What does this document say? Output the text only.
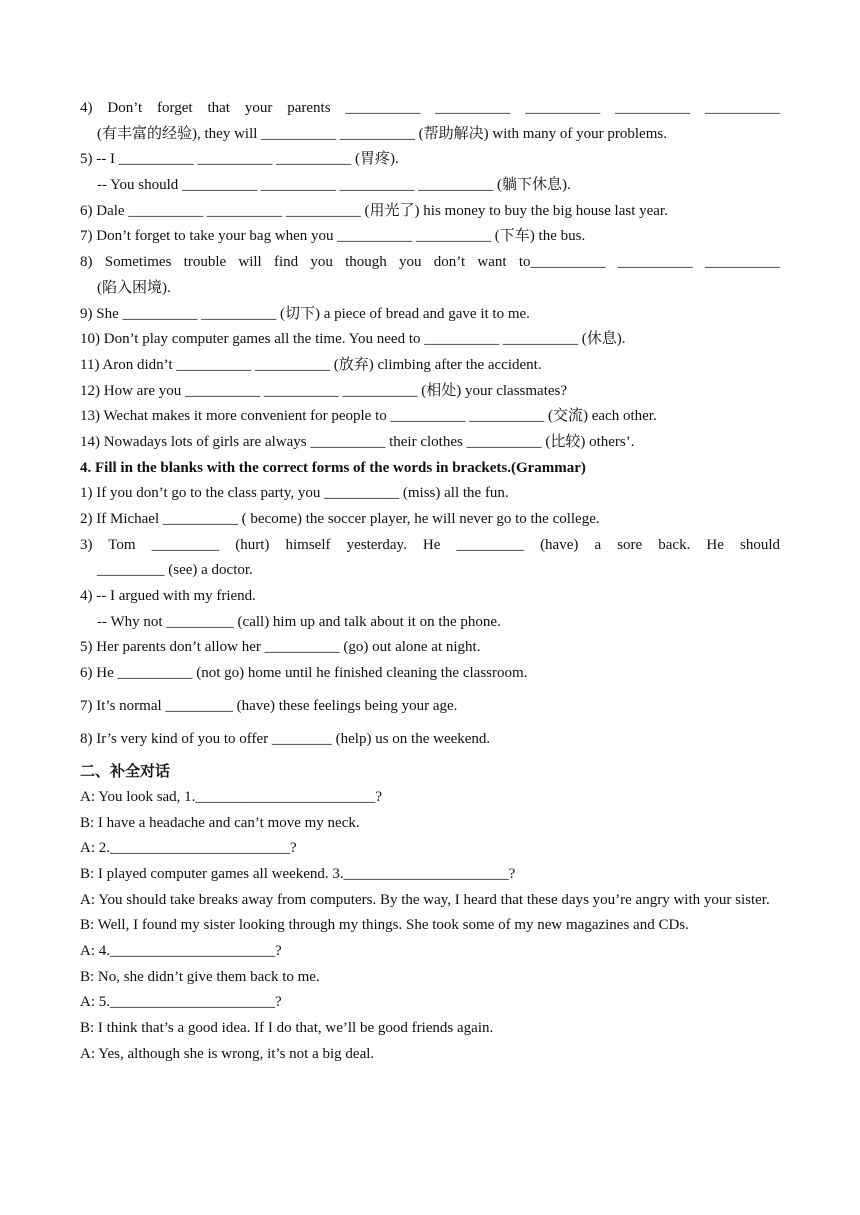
4) Don’t forget that your parents __________ __________ __________ __________ __________
(有丰富的经验), they will __________ __________ (帮助解决) with many of your problems.
5) -- I __________ __________ __________ (胃疼).
-- You should __________ __________ __________ __________ (躺下休息).
6) Dale __________ __________ __________ (用光了) his money to buy the big house last year.
7) Don’t forget to take your bag when you __________ __________ (下车) the bus.
8) Sometimes trouble will find you though you don’t want to__________ __________ __________
(陷入困境).
9) She __________ __________ (切下) a piece of bread and gave it to me.
10) Don’t play computer games all the time. You need to __________ __________ (休息).
11) Aron didn’t __________ __________ (放弃) climbing after the accident.
12) How are you __________ __________ __________ (相处) your classmates?
13) Wechat makes it more convenient for people to __________ __________ (交流) each other.
14) Nowadays lots of girls are always __________ their clothes __________ (比较) others’.
4. Fill in the blanks with the correct forms of the words in brackets.(Grammar)
1) If you don’t go to the class party, you __________ (miss) all the fun.
2) If Michael __________ ( become) the soccer player, he will never go to the college.
3) Tom _________ (hurt) himself yesterday. He _________ (have) a sore back. He should
_________ (see) a doctor.
4) -- I argued with my friend.
-- Why not _________ (call) him up and talk about it on the phone.
5) Her parents don’t allow her __________ (go) out alone at night.
6) He __________ (not go) home until he finished cleaning the classroom.
7) It’s normal _________ (have) these feelings being your age.
8) Ir’s very kind of you to offer ________ (help) us on the weekend.
二、补全对话
A: You look sad, 1.________________________?
B: I have a headache and can’t move my neck.
A: 2.________________________?
B: I played computer games all weekend. 3.______________________?
A: You should take breaks away from computers. By the way, I heard that these days you’re angry with your sister.
B: Well, I found my sister looking through my things. She took some of my new magazines and CDs.
A: 4.______________________?
B: No, she didn’t give them back to me.
A: 5.______________________?
B: I think that’s a good idea. If I do that, we’ll be good friends again.
A: Yes, although she is wrong, it’s not a big deal.
